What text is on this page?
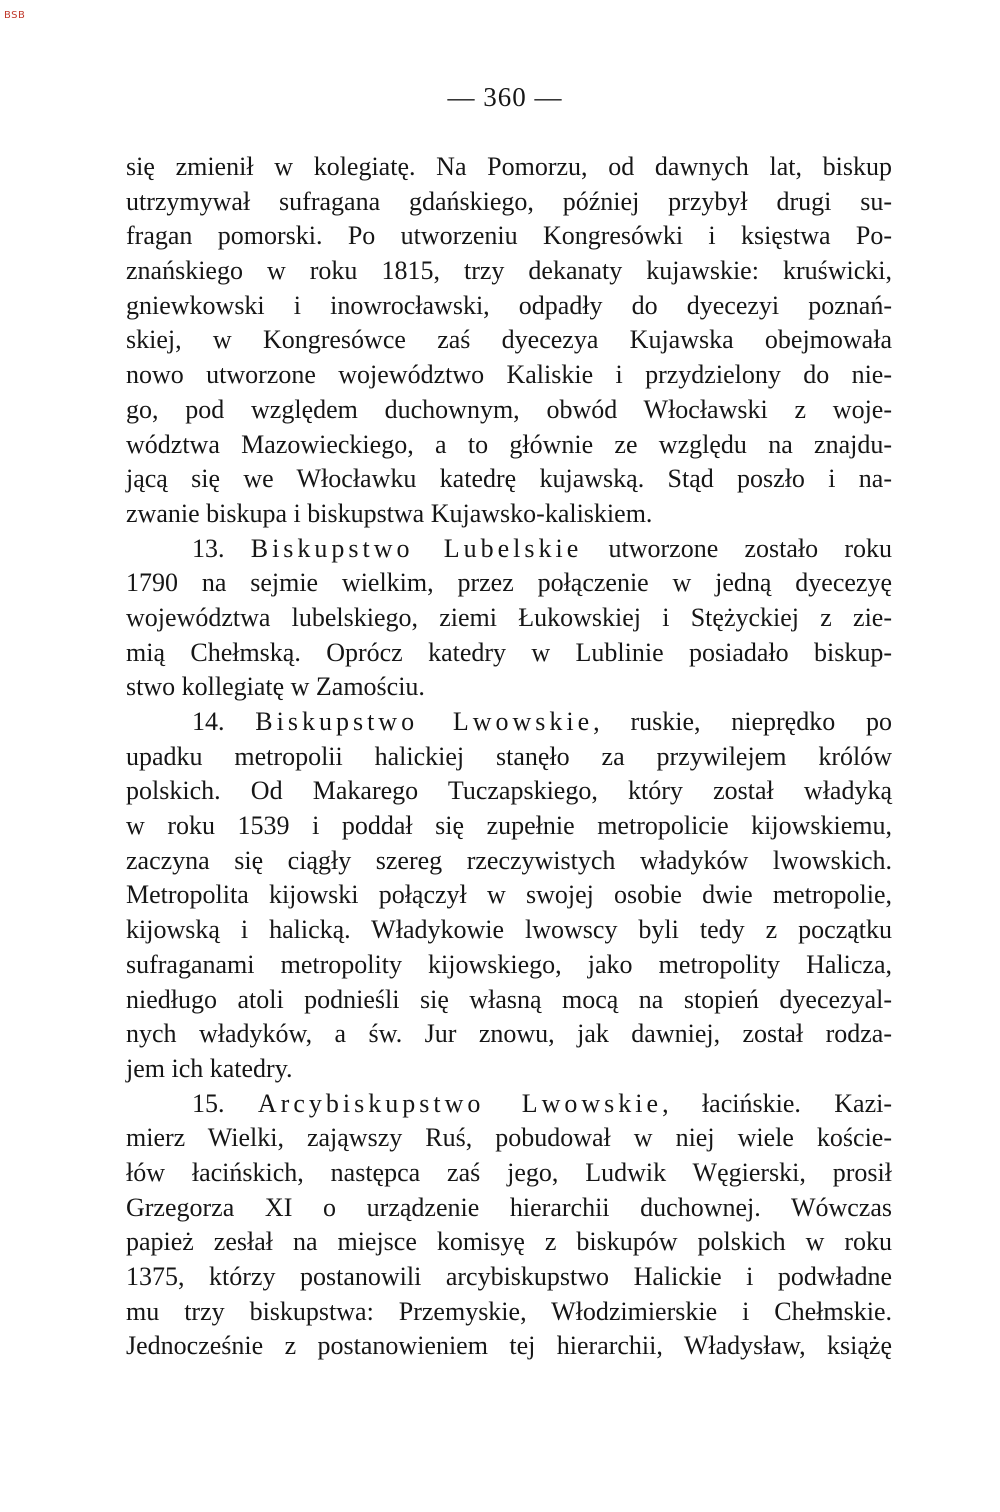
BSB
— 360 —
się zmienił w kolegiatę. Na Pomorzu, od dawnych lat, biskup
utrzymywał sufragana gdańskiego, później przybył drugi su-
fragan pomorski. Po utworzeniu Kongresówki i księstwa Po-
znańskiego w roku 1815, trzy dekanaty kujawskie: kruświcki,
gniewkowski i inowrocławski, odpadły do dyecezyi poznań-
skiej, w Kongresówce zaś dyecezya Kujawska obejmowała
nowo utworzone województwo Kaliskie i przydzielony do nie-
go, pod względem duchownym, obwód Włocławski z woje-
wództwa Mazowieckiego, a to głównie ze względu na znajdu-
jącą się we Włocławku katedrę kujawską. Stąd poszło i na-
zwanie biskupa i biskupstwa Kujawsko-kaliskiem.
13. Biskupstwo Lubelskie utworzone zostało roku
1790 na sejmie wielkim, przez połączenie w jedną dyecezyę
województwa lubelskiego, ziemi Łukowskiej i Stężyckiej z zie-
mią Chełmską. Oprócz katedry w Lublinie posiadało biskup-
stwo kollegiatę w Zamościu.
14. Biskupstwo Lwowskie, ruskie, nieprędko po
upadku metropolii halickiej stanęło za przywilejem królów
polskich. Od Makarego Tuczapskiego, który został władyką
w roku 1539 i poddał się zupełnie metropolicie kijowskiemu,
zaczyna się ciągły szereg rzeczywistych władyków lwowskich.
Metropolita kijowski połączył w swojej osobie dwie metropolie,
kijowską i halicką. Władykowie lwowscy byli tedy z początku
sufraganami metropolity kijowskiego, jako metropolity Halicza,
niedługo atoli podnieśli się własną mocą na stopień dyecezyal-
nych władyków, a św. Jur znowu, jak dawniej, został rodza-
jem ich katedry.
15. Arcybiskupstwo Lwowskie, łacińskie. Kazi-
mierz Wielki, zająwszy Ruś, pobudował w niej wiele koście-
łów łacińskich, następca zaś jego, Ludwik Węgierski, prosił
Grzegorza XI o urządzenie hierarchii duchownej. Wówczas
papież zesłał na miejsce komisyę z biskupów polskich w roku
1375, którzy postanowili arcybiskupstwo Halickie i podwładne
mu trzy biskupstwa: Przemyskie, Włodzimierskie i Chełmskie.
Jednocześnie z postanowieniem tej hierarchii, Władysław, książę
